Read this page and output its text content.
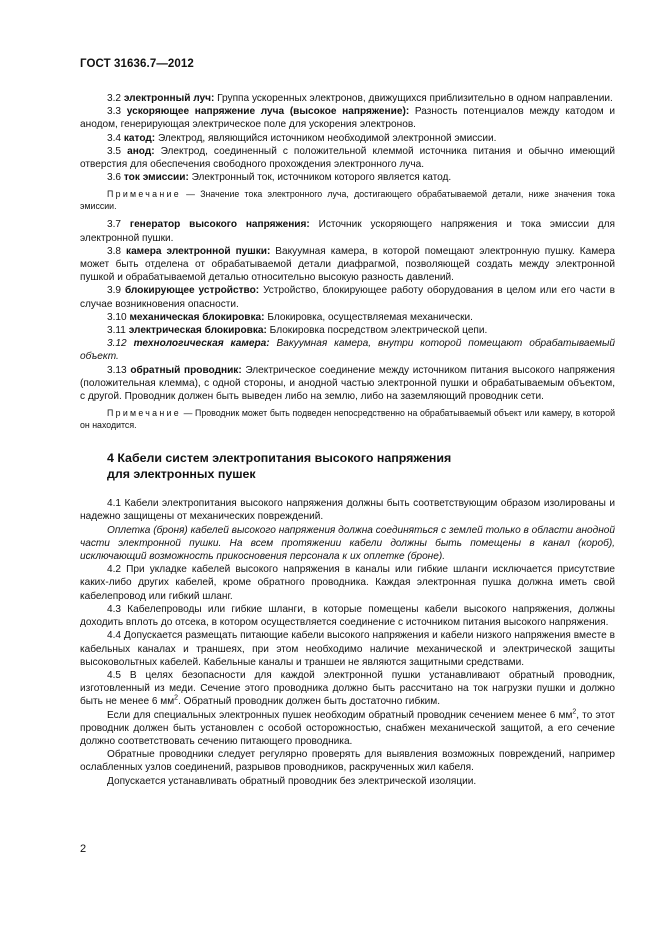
ГОСТ 31636.7—2012

3.2 электронный луч: Группа ускоренных электронов, движущихся приблизительно в одном направлении.

3.3 ускоряющее напряжение луча (высокое напряжение): Разность потенциалов между катодом и анодом, генерирующая электрическое поле для ускорения электронов.

3.4 катод: Электрод, являющийся источником необходимой электронной эмиссии.

3.5 анод: Электрод, соединенный с положительной клеммой источника питания и обычно имеющий отверстия для обеспечения свободного прохождения электронного луча.

3.6 ток эмиссии: Электронный ток, источником которого является катод.

Примечание — Значение тока электронного луча, достигающего обрабатываемой детали, ниже значения тока эмиссии.

3.7 генератор высокого напряжения: Источник ускоряющего напряжения и тока эмиссии для электронной пушки.

3.8 камера электронной пушки: Вакуумная камера, в которой помещают электронную пушку. Камера может быть отделена от обрабатываемой детали диафрагмой, позволяющей создать между электронной пушкой и обрабатываемой деталью относительно высокую разность давлений.

3.9 блокирующее устройство: Устройство, блокирующее работу оборудования в целом или его части в случае возникновения опасности.

3.10 механическая блокировка: Блокировка, осуществляемая механически.

3.11 электрическая блокировка: Блокировка посредством электрической цепи.

3.12 технологическая камера: Вакуумная камера, внутри которой помещают обрабатываемый объект.

3.13 обратный проводник: Электрическое соединение между источником питания высокого напряжения (положительная клемма), с одной стороны, и анодной частью электронной пушки и обрабатываемым объектом, с другой. Проводник должен быть выведен либо на землю, либо на заземляющий проводник сети.

Примечание — Проводник может быть подведен непосредственно на обрабатываемый объект или камеру, в которой он находится.

4 Кабели систем электропитания высокого напряжения
для электронных пушек

4.1 Кабели электропитания высокого напряжения должны быть соответствующим образом изолированы и надежно защищены от механических повреждений.

Оплетка (броня) кабелей высокого напряжения должна соединяться с землей только в области анодной части электронной пушки. На всем протяжении кабели должны быть помещены в канал (короб), исключающий возможность прикосновения персонала к их оплетке (броне).

4.2 При укладке кабелей высокого напряжения в каналы или гибкие шланги исключается присутствие каких-либо других кабелей, кроме обратного проводника. Каждая электронная пушка должна иметь свой кабелепровод или гибкий шланг.

4.3 Кабелепроводы или гибкие шланги, в которые помещены кабели высокого напряжения, должны доходить вплоть до отсека, в котором осуществляется соединение с источником питания высокого напряжения.

4.4 Допускается размещать питающие кабели высокого напряжения и кабели низкого напряжения вместе в кабельных каналах и траншеях, при этом необходимо наличие механической и электрической защиты высоковольтных кабелей. Кабельные каналы и траншеи не являются защитными средствами.

4.5 В целях безопасности для каждой электронной пушки устанавливают обратный проводник, изготовленный из меди. Сечение этого проводника должно быть рассчитано на ток нагрузки пушки и должно быть не менее 6 $мм^2$. Обратный проводник должен быть достаточно гибким.

Если для специальных электронных пушек необходим обратный проводник сечением менее 6 $мм^2$, то этот проводник должен быть установлен с особой осторожностью, снабжен механической защитой, а его сечение должно соответствовать сечению питающего проводника.

Обратные проводники следует регулярно проверять для выявления возможных повреждений, например ослабленных узлов соединений, разрывов проводников, раскрученных жил кабеля.

Допускается устанавливать обратный проводник без электрической изоляции.

2
